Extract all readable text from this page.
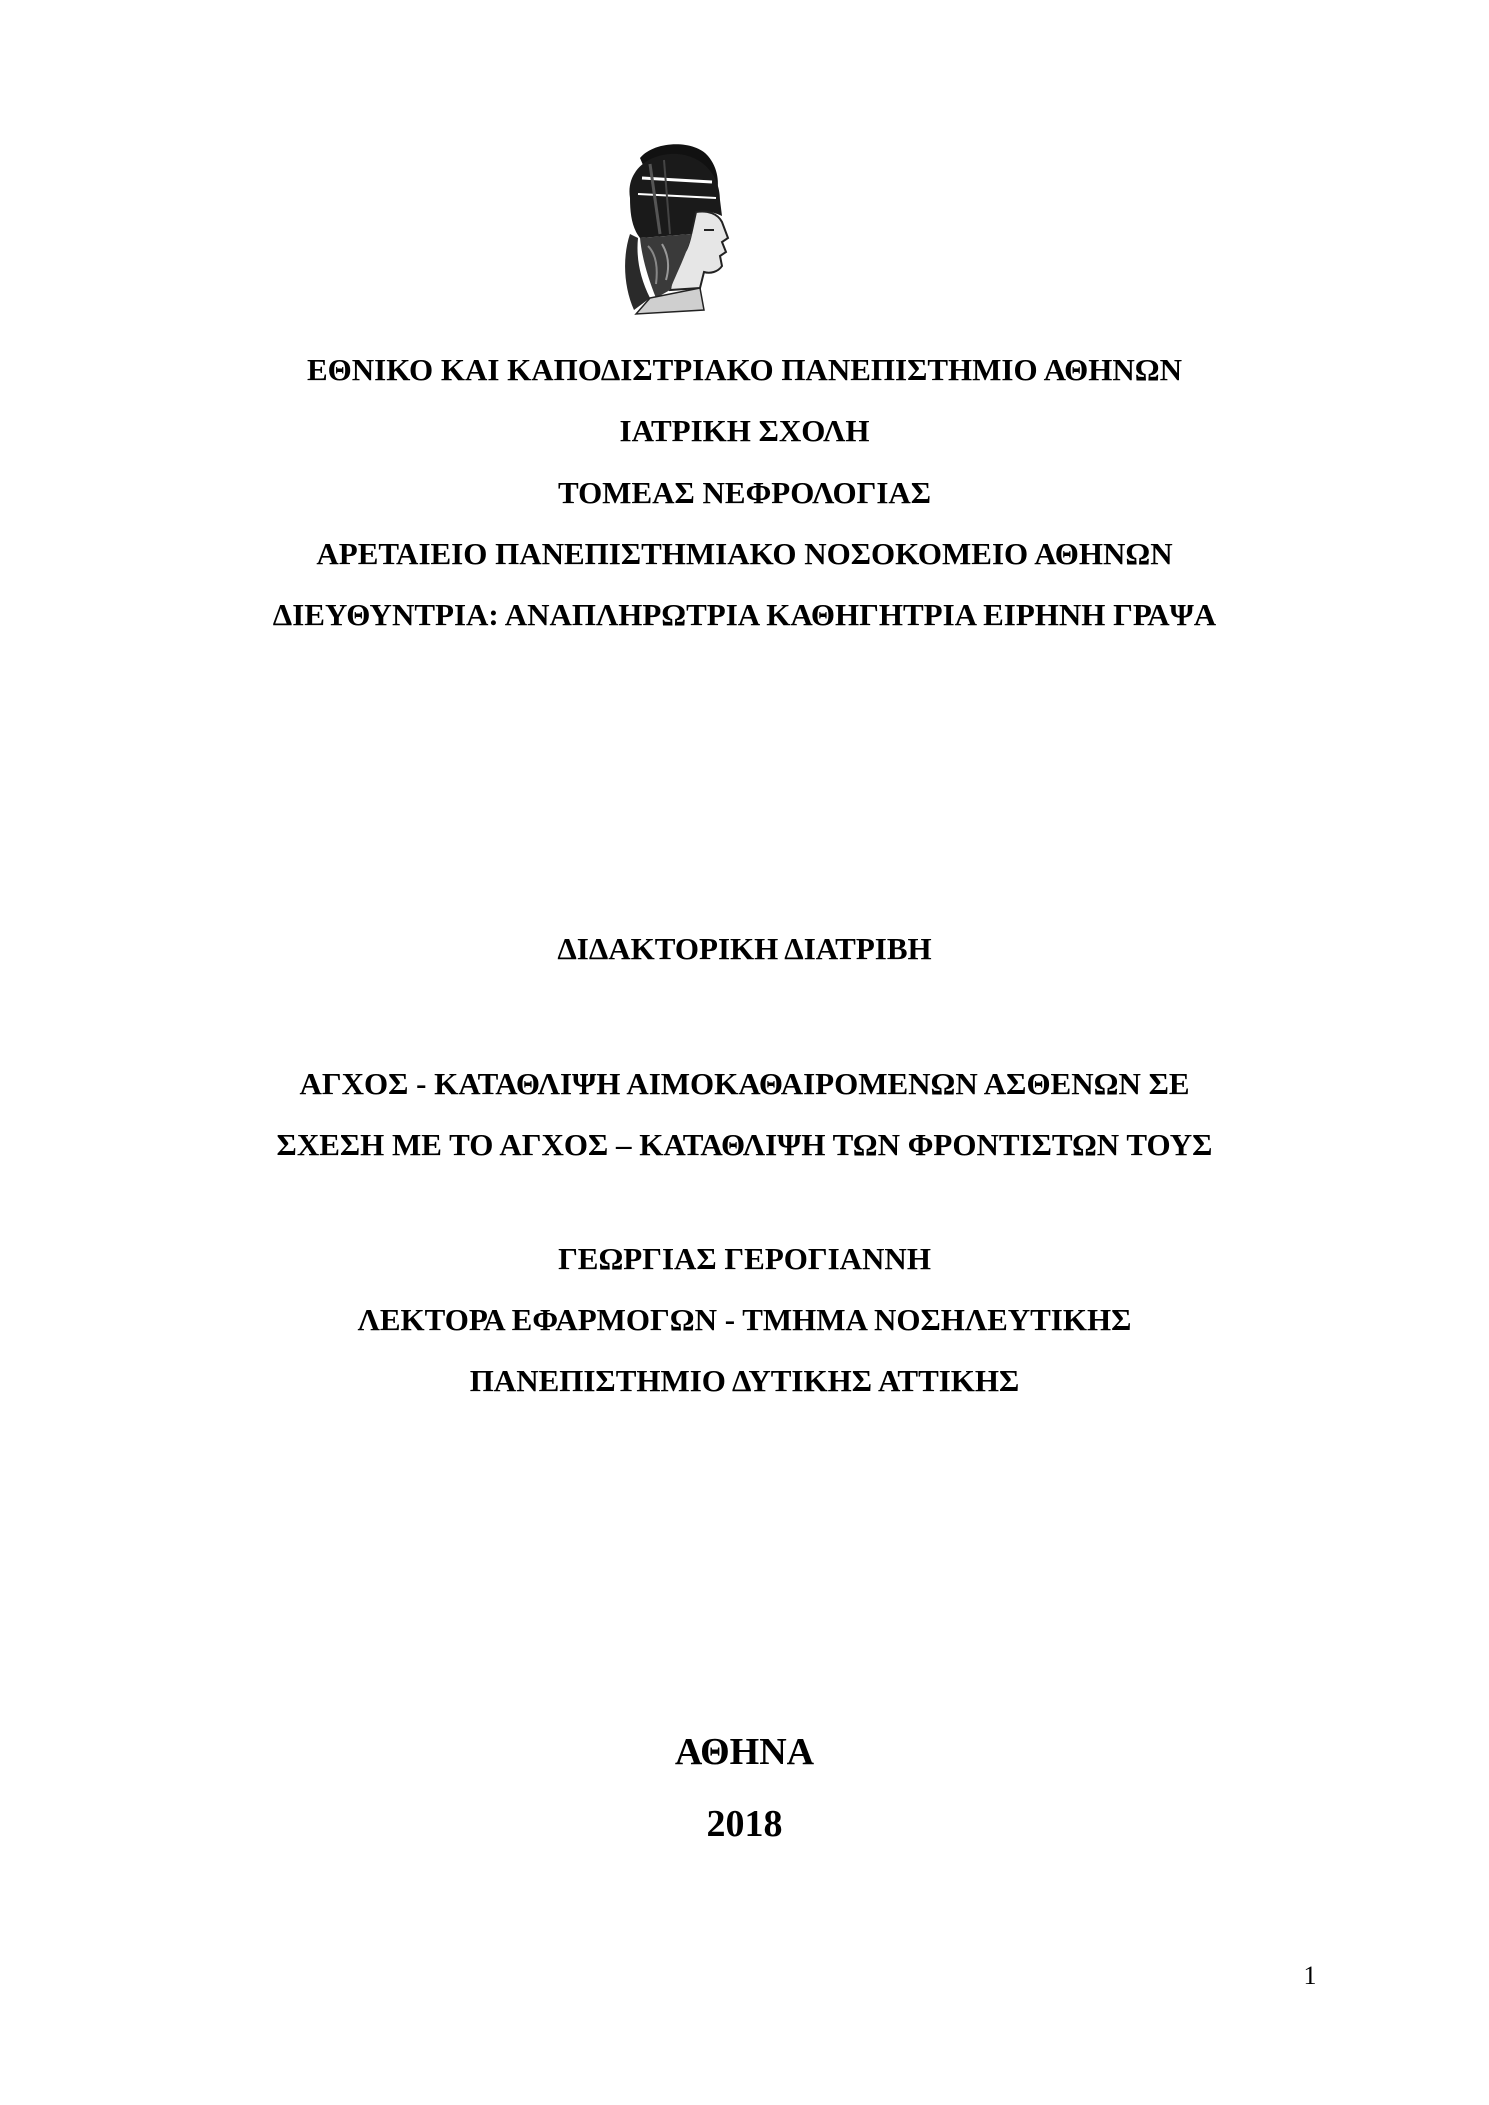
ΕΘΝΙΚΟ ΚΑΙ ΚΑΠΟΔΙΣΤΡΙΑΚΟ ΠΑΝΕΠΙΣΤΗΜΙΟ ΑΘΗΝΩΝ
ΙΑΤΡΙΚΗ ΣΧΟΛΗ
ΤΟΜΕΑΣ ΝΕΦΡΟΛΟΓΙΑΣ
ΑΡΕΤΑΙΕΙΟ ΠΑΝΕΠΙΣΤΗΜΙΑΚΟ ΝΟΣΟΚΟΜΕΙΟ ΑΘΗΝΩΝ
ΔΙΕΥΘΥΝΤΡΙΑ: ΑΝΑΠΛΗΡΩΤΡΙΑ ΚΑΘΗΓΗΤΡΙΑ ΕΙΡΗΝΗ ΓΡΑΨΑ
ΔΙΔΑΚΤΟΡΙΚΗ ΔΙΑΤΡΙΒΗ
ΑΓΧΟΣ - ΚΑΤΑΘΛΙΨΗ ΑΙΜΟΚΑΘΑΙΡΟΜΕΝΩΝ ΑΣΘΕΝΩΝ ΣΕ
ΣΧΕΣΗ ΜΕ ΤΟ ΑΓΧΟΣ – ΚΑΤΑΘΛΙΨΗ ΤΩΝ ΦΡΟΝΤΙΣΤΩΝ ΤΟΥΣ
ΓΕΩΡΓΙΑΣ ΓΕΡΟΓΙΑΝΝΗ
ΛΕΚΤΟΡΑ ΕΦΑΡΜΟΓΩΝ - ΤΜΗΜΑ ΝΟΣΗΛΕΥΤΙΚΗΣ
ΠΑΝΕΠΙΣΤΗΜΙΟ ΔΥΤΙΚΗΣ ΑΤΤΙΚΗΣ
ΑΘΗΝΑ
2018
1
